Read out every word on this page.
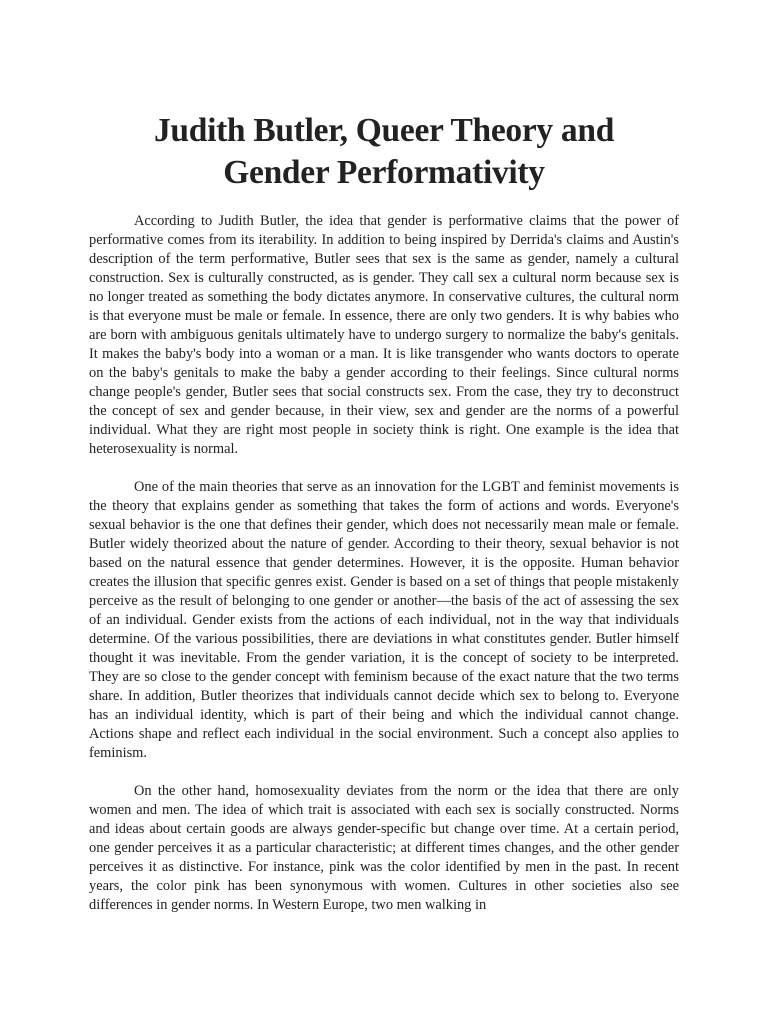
Judith Butler, Queer Theory and
Gender Performativity

According to Judith Butler, the idea that gender is performative claims that the power of performative comes from its iterability. In addition to being inspired by Derrida's claims and Austin's description of the term performative, Butler sees that sex is the same as gender, namely a cultural construction. Sex is culturally constructed, as is gender. They call sex a cultural norm because sex is no longer treated as something the body dictates anymore. In conservative cultures, the cultural norm is that everyone must be male or female. In essence, there are only two genders. It is why babies who are born with ambiguous genitals ultimately have to undergo surgery to normalize the baby's genitals. It makes the baby's body into a woman or a man. It is like transgender who wants doctors to operate on the baby's genitals to make the baby a gender according to their feelings. Since cultural norms change people's gender, Butler sees that social constructs sex. From the case, they try to deconstruct the concept of sex and gender because, in their view, sex and gender are the norms of a powerful individual. What they are right most people in society think is right. One example is the idea that heterosexuality is normal.

One of the main theories that serve as an innovation for the LGBT and feminist movements is the theory that explains gender as something that takes the form of actions and words. Everyone's sexual behavior is the one that defines their gender, which does not necessarily mean male or female. Butler widely theorized about the nature of gender. According to their theory, sexual behavior is not based on the natural essence that gender determines. However, it is the opposite. Human behavior creates the illusion that specific genres exist. Gender is based on a set of things that people mistakenly perceive as the result of belonging to one gender or another—the basis of the act of assessing the sex of an individual. Gender exists from the actions of each individual, not in the way that individuals determine. Of the various possibilities, there are deviations in what constitutes gender. Butler himself thought it was inevitable. From the gender variation, it is the concept of society to be interpreted. They are so close to the gender concept with feminism because of the exact nature that the two terms share. In addition, Butler theorizes that individuals cannot decide which sex to belong to. Everyone has an individual identity, which is part of their being and which the individual cannot change. Actions shape and reflect each individual in the social environment. Such a concept also applies to feminism.

On the other hand, homosexuality deviates from the norm or the idea that there are only women and men. The idea of which trait is associated with each sex is socially constructed. Norms and ideas about certain goods are always gender-specific but change over time. At a certain period, one gender perceives it as a particular characteristic; at different times changes, and the other gender perceives it as distinctive. For instance, pink was the color identified by men in the past. In recent years, the color pink has been synonymous with women. Cultures in other societies also see differences in gender norms. In Western Europe, two men walking in
